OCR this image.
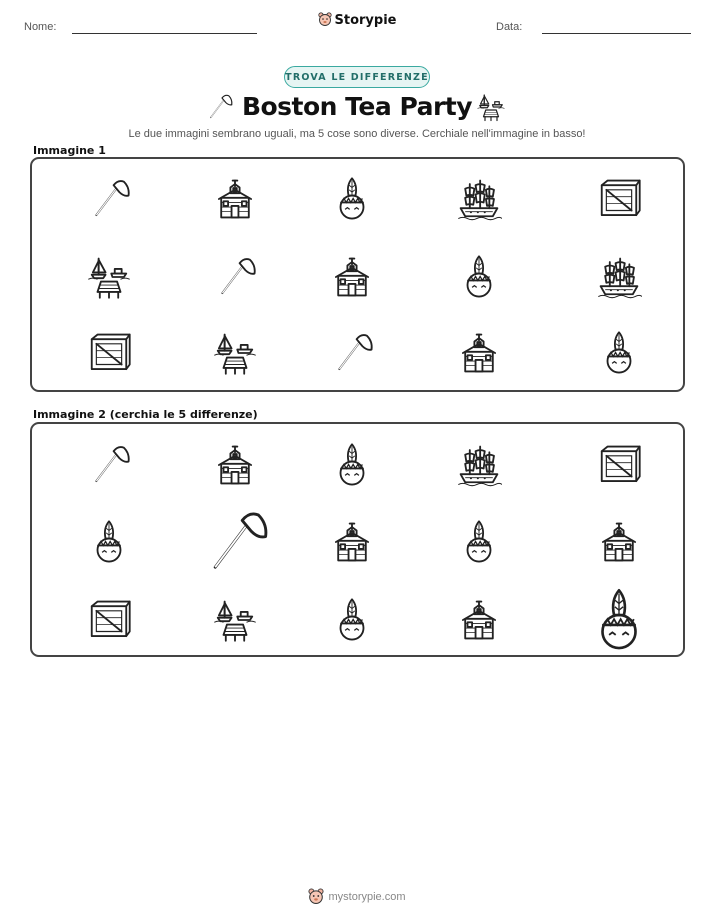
Nome:	Storypie	Data:
TROVA LE DIFFERENZE
Boston Tea Party
Le due immagini sembrano uguali, ma 5 cose sono diverse. Cerchiale nell'immagine in basso!
Immagine 1
Immagine 2 (cerchia le 5 differenze)
mystorypie.com
